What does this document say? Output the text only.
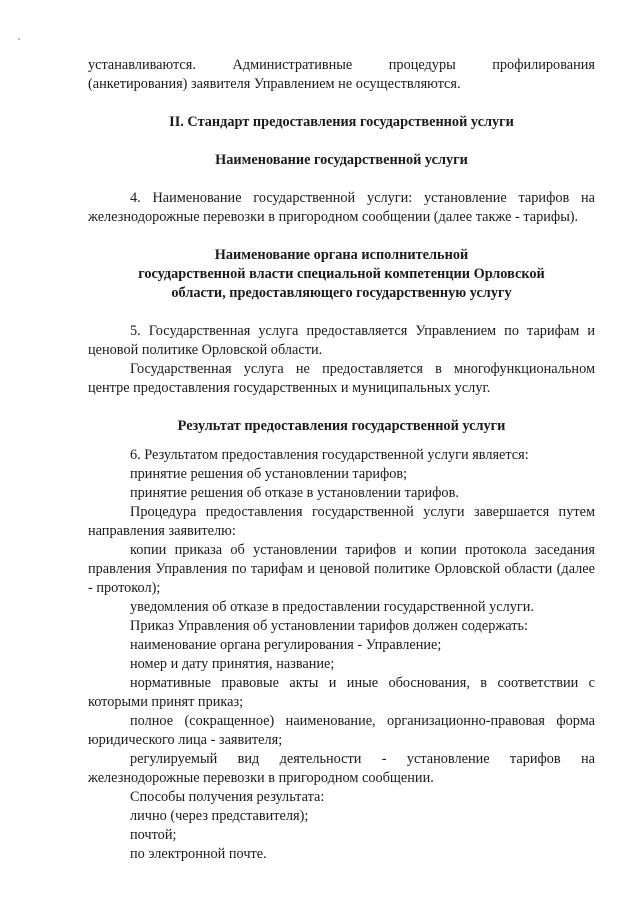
устанавливаются. Административные процедуры профилирования

(анкетирования) заявителя Управлением не осуществляются.

II. Стандарт предоставления государственной услуги

Наименование государственной услуги

4. Наименование государственной услуги: установление тарифов на железнодорожные перевозки в пригородном сообщении (далее также - тарифы).

Наименование органа исполнительной

государственной власти специальной компетенции Орловской

области, предоставляющего государственную услугу

5. Государственная услуга предоставляется Управлением по тарифам и ценовой политике Орловской области.

Государственная услуга не предоставляется в многофункциональном центре предоставления государственных и муниципальных услуг.

Результат предоставления государственной услуги

6. Результатом предоставления государственной услуги является:

принятие решения об установлении тарифов;

принятие решения об отказе в установлении тарифов.

Процедура предоставления государственной услуги завершается путем направления заявителю:

копии приказа об установлении тарифов и копии протокола заседания правления Управления по тарифам и ценовой политике Орловской области (далее - протокол);

уведомления об отказе в предоставлении государственной услуги.

Приказ Управления об установлении тарифов должен содержать:

наименование органа регулирования - Управление;

номер и дату принятия, название;

нормативные правовые акты и иные обоснования, в соответствии с которыми принят приказ;

полное (сокращенное) наименование, организационно-правовая форма юридического лица - заявителя;

регулируемый вид деятельности - установление тарифов на железнодорожные перевозки в пригородном сообщении.

Способы получения результата:

лично (через представителя);

почтой;

по электронной почте.
